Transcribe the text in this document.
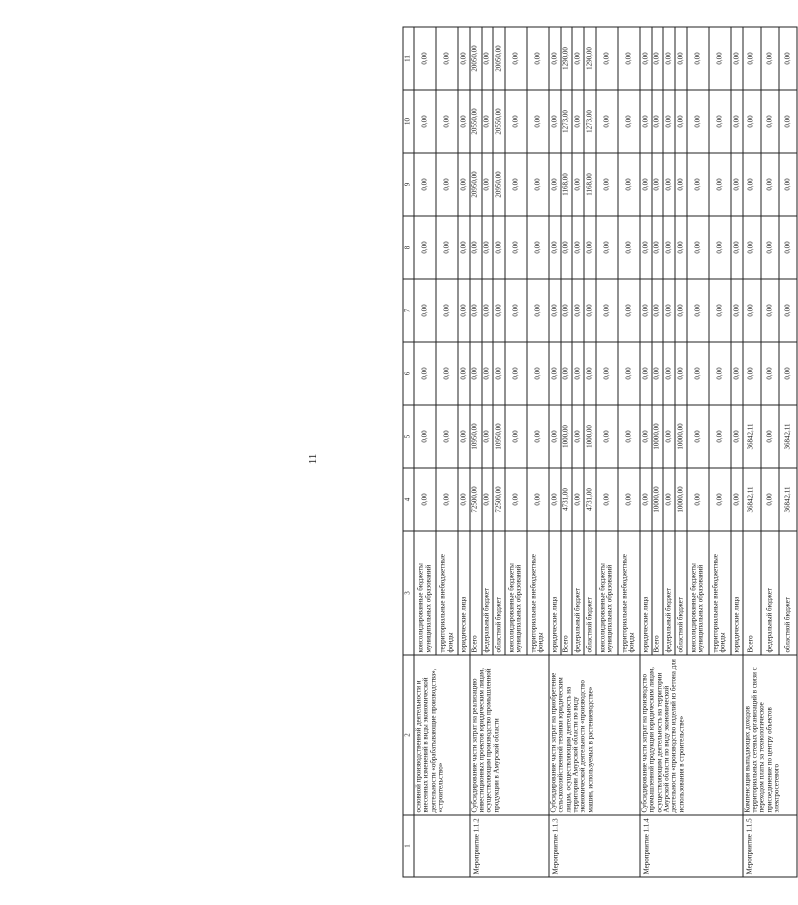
11
1	2	3	4	5	6	7	8	9	10	11
	основной производственной деятельности и внесенных изменений в виды экономической деятельности «обрабатывающие производства», «строительство»	консолидированные бюджеты муниципальных образований	0,00	0,00	0,00	0,00	0,00	0,00	0,00	0,00
		территориальные внебюджетные фонды	0,00	0,00	0,00	0,00	0,00	0,00	0,00	0,00
		юридические лица	0,00	0,00	0,00	0,00	0,00	0,00	0,00	0,00
Мероприятие 1.1.2	Субсидирование части затрат на реализацию инвестиционных проектов юридическим лицам, осуществляющим производство промышленной продукции в Амурской области	Всего	72500,00	10950,00	0,00	0,00	0,00	20950,00	20550,00	20050,00
		федеральный бюджет	0,00	0,00	0,00	0,00	0,00	0,00	0,00	0,00
		областной бюджет	72500,00	10950,00	0,00	0,00	0,00	20950,00	20550,00	20050,00
		консолидированные бюджеты муниципальных образований	0,00	0,00	0,00	0,00	0,00	0,00	0,00	0,00
		территориальные внебюджетные фонды	0,00	0,00	0,00	0,00	0,00	0,00	0,00	0,00
Мероприятие 1.1.3	Субсидирование части затрат на приобретение сельскохозяйственной техники юридическим лицам, осуществляющим деятельность на территории Амурской области по виду экономической деятельности «производство машин, используемых в растениеводстве»	юридические лица	0,00	0,00	0,00	0,00	0,00	0,00	0,00	0,00
		Всего	4731,00	1000,00	0,00	0,00	0,00	1168,00	1273,00	1290,00
		федеральный бюджет	0,00	0,00	0,00	0,00	0,00	0,00	0,00	0,00
		областной бюджет	4731,00	1000,00	0,00	0,00	0,00	1168,00	1273,00	1290,00
		консолидированные бюджеты муниципальных образований	0,00	0,00	0,00	0,00	0,00	0,00	0,00	0,00
		территориальные внебюджетные фонды	0,00	0,00	0,00	0,00	0,00	0,00	0,00	0,00
Мероприятие 1.1.4	Субсидирование части затрат на производство промышленной продукции юридическим лицам, осуществляющим деятельность на территории Амурской области по виду экономической деятельности «производство изделий из бетона для использования в строительстве»	юридические лица	0,00	0,00	0,00	0,00	0,00	0,00	0,00	0,00
		Всего	10000,00	10000,00	0,00	0,00	0,00	0,00	0,00	0,00
		федеральный бюджет	0,00	0,00	0,00	0,00	0,00	0,00	0,00	0,00
		областной бюджет	10000,00	10000,00	0,00	0,00	0,00	0,00	0,00	0,00
		консолидированные бюджеты муниципальных образований	0,00	0,00	0,00	0,00	0,00	0,00	0,00	0,00
		территориальные внебюджетные фонды	0,00	0,00	0,00	0,00	0,00	0,00	0,00	0,00
		юридические лица	0,00	0,00	0,00	0,00	0,00	0,00	0,00	0,00
Мероприятие 1.1.5	Компенсация выпадающих доходов территориальных сетевых организаций в связи с переходом платы за технологическое присоединение по центру объектов электросетевого	Всего	36842,11	36842,11	0,00	0,00	0,00	0,00	0,00	0,00
		федеральный бюджет	0,00	0,00	0,00	0,00	0,00	0,00	0,00	0,00
		областной бюджет	36842,11	36842,11	0,00	0,00	0,00	0,00	0,00	0,00
